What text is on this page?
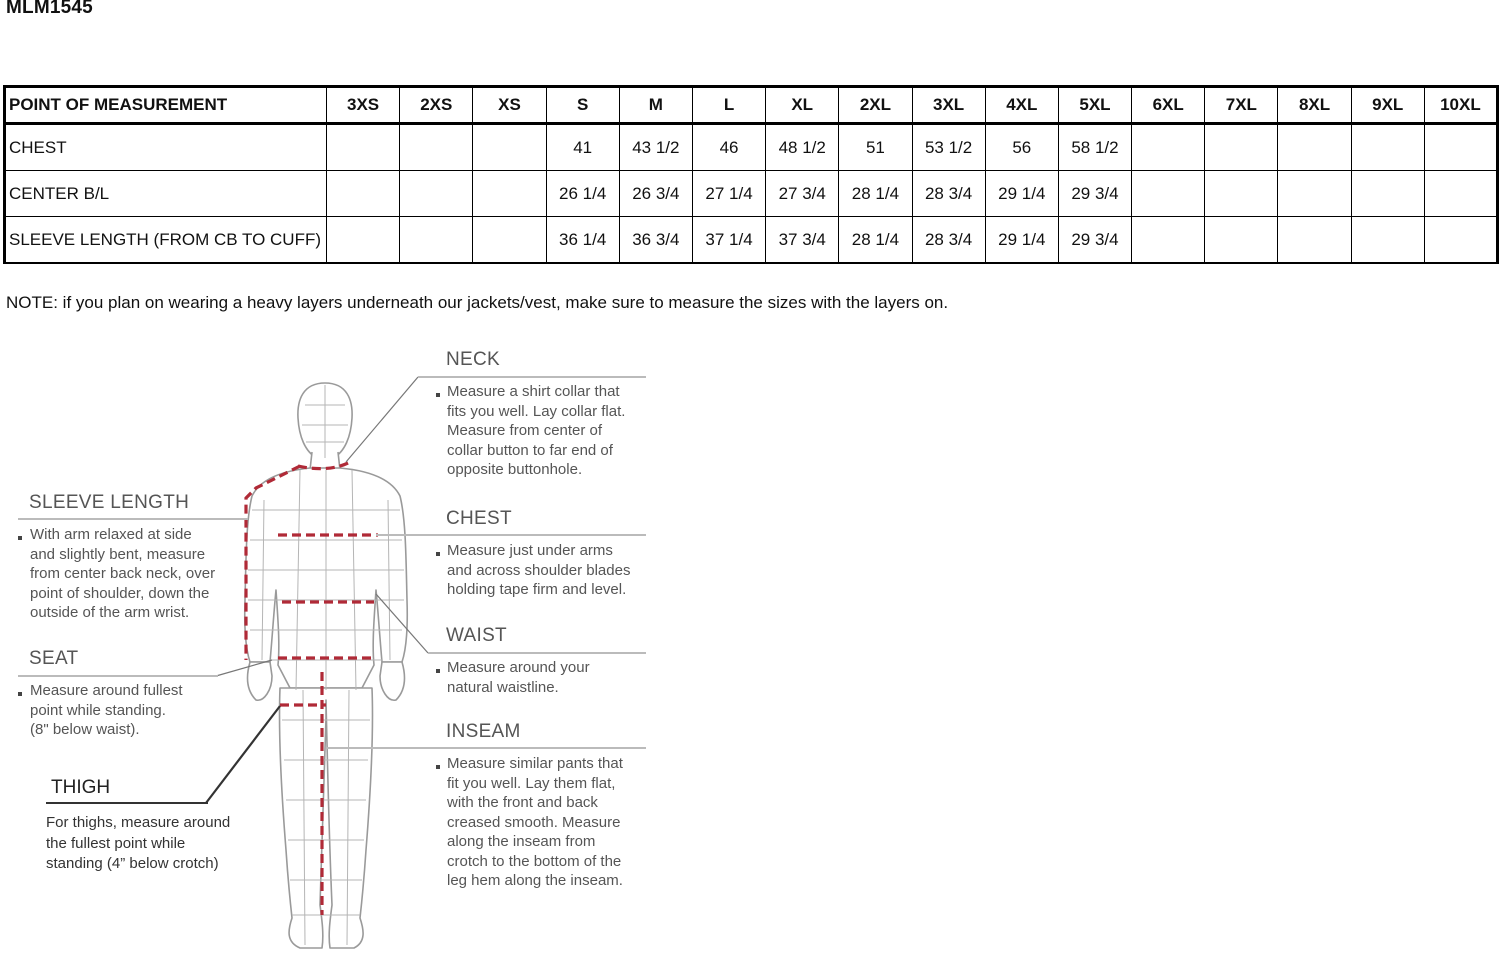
MLM1545
POINT OF MEASUREMENT	3XS	2XS	XS	S	M	L	XL	2XL	3XL	4XL	5XL	6XL	7XL	8XL	9XL	10XL
CHEST				41	43 1/2	46	48 1/2	51	53 1/2	56	58 1/2					
CENTER B/L				26 1/4	26 3/4	27 1/4	27 3/4	28 1/4	28 3/4	29 1/4	29 3/4					
SLEEVE LENGTH (FROM CB TO CUFF)				36 1/4	36 3/4	37 1/4	37 3/4	28 1/4	28 3/4	29 1/4	29 3/4					
NOTE: if you plan on wearing a heavy layers underneath our jackets/vest, make sure to measure the sizes with the layers on.
NECK
Measure a shirt collar that
fits you well. Lay collar flat.
Measure from center of
collar button to far end of
opposite buttonhole.
CHEST
Measure just under arms
and across shoulder blades
holding tape firm and level.
WAIST
Measure around your
natural waistline.
INSEAM
Measure similar pants that
fit you well. Lay them flat,
with the front and back
creased smooth. Measure
along the inseam from
crotch to the bottom of the
leg hem along the inseam.
SLEEVE LENGTH
With arm relaxed at side
and slightly bent, measure
from center back neck, over
point of shoulder, down the
outside of the arm wrist.
SEAT
Measure around fullest
point while standing.
(8" below waist).
THIGH
For thighs, measure around
the fullest point while
standing (4” below crotch)
